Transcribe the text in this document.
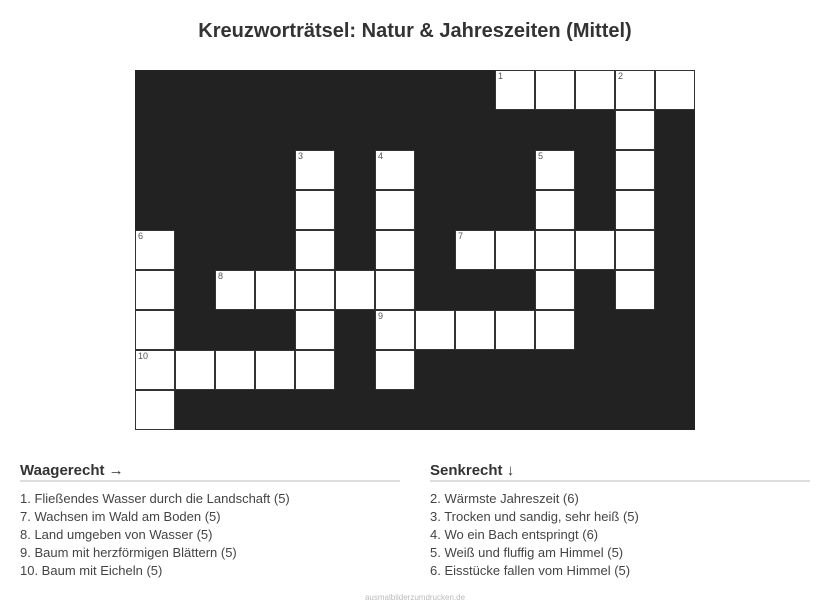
Kreuzworträtsel: Natur & Jahreszeiten (Mittel)
1	2
3	4	5
6	7
8
9
10
Waagerecht →
1. Fließendes Wasser durch die Landschaft (5)
7. Wachsen im Wald am Boden (5)
8. Land umgeben von Wasser (5)
9. Baum mit herzförmigen Blättern (5)
10. Baum mit Eicheln (5)
Senkrecht ↓
2. Wärmste Jahreszeit (6)
3. Trocken und sandig, sehr heiß (5)
4. Wo ein Bach entspringt (6)
5. Weiß und fluffig am Himmel (5)
6. Eisstücke fallen vom Himmel (5)
ausmalbilderzumdrucken.de
